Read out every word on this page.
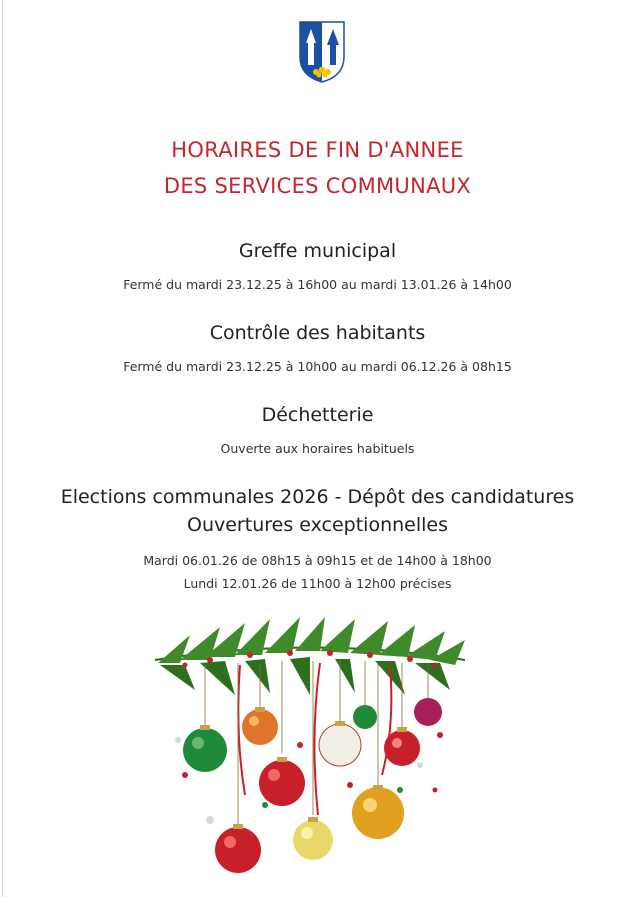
HORAIRES DE FIN D'ANNEE
DES SERVICES COMMUNAUX
Greffe municipal
Fermé du mardi 23.12.25 à 16h00 au mardi 13.01.26 à 14h00
Contrôle des habitants
Fermé du mardi 23.12.25 à 10h00 au mardi 06.12.26 à 08h15
Déchetterie
Ouverte aux horaires habituels
Elections communales 2026 - Dépôt des candidatures
Ouvertures exceptionnelles
Mardi 06.01.26 de 08h15 à 09h15 et de 14h00 à 18h00
Lundi 12.01.26 de 11h00 à 12h00 précises
